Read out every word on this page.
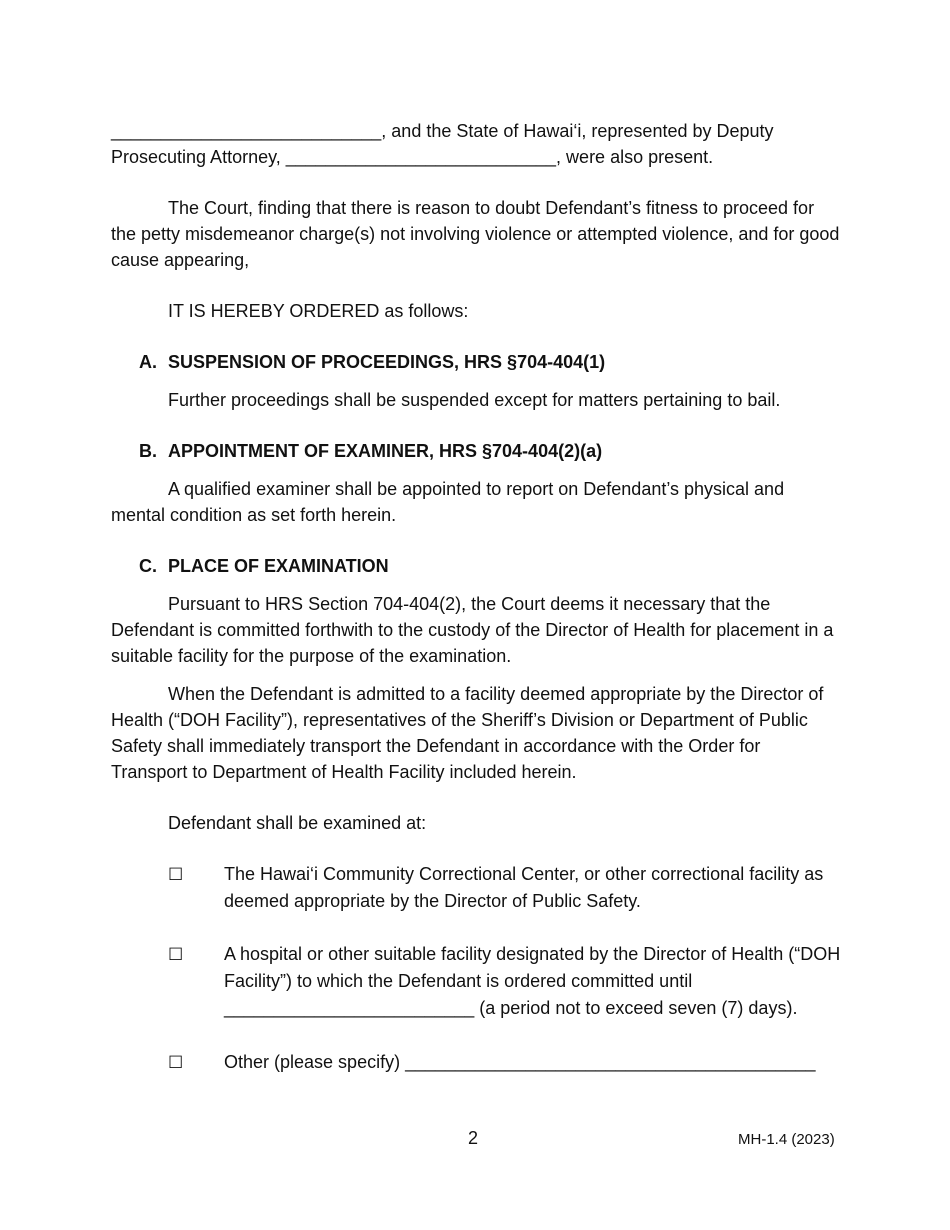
___________________________, and the State of Hawai‘i, represented by Deputy

Prosecuting Attorney, ___________________________, were also present.

The Court, finding that there is reason to doubt Defendant’s fitness to proceed for the petty misdemeanor charge(s) not involving violence or attempted violence, and for good cause appearing,

IT IS HEREBY ORDERED as follows:

A. SUSPENSION OF PROCEEDINGS, HRS §704-404(1)

Further proceedings shall be suspended except for matters pertaining to bail.

B. APPOINTMENT OF EXAMINER, HRS §704-404(2)(a)

A qualified examiner shall be appointed to report on Defendant’s physical and mental condition as set forth herein.

C. PLACE OF EXAMINATION

Pursuant to HRS Section 704-404(2), the Court deems it necessary that the Defendant is committed forthwith to the custody of the Director of Health for placement in a suitable facility for the purpose of the examination.

When the Defendant is admitted to a facility deemed appropriate by the Director of Health (“DOH Facility”), representatives of the Sheriff’s Division or Department of Public Safety shall immediately transport the Defendant in accordance with the Order for Transport to Department of Health Facility included herein.

Defendant shall be examined at:

☐	The Hawai‘i Community Correctional Center, or other correctional facility as deemed appropriate by the Director of Public Safety.
☐	A hospital or other suitable facility designated by the Director of Health (“DOH Facility”) to which the Defendant is ordered committed until _________________________ (a period not to exceed seven (7) days).
☐	Other (please specify) _________________________________________
2	MH-1.4 (2023)
